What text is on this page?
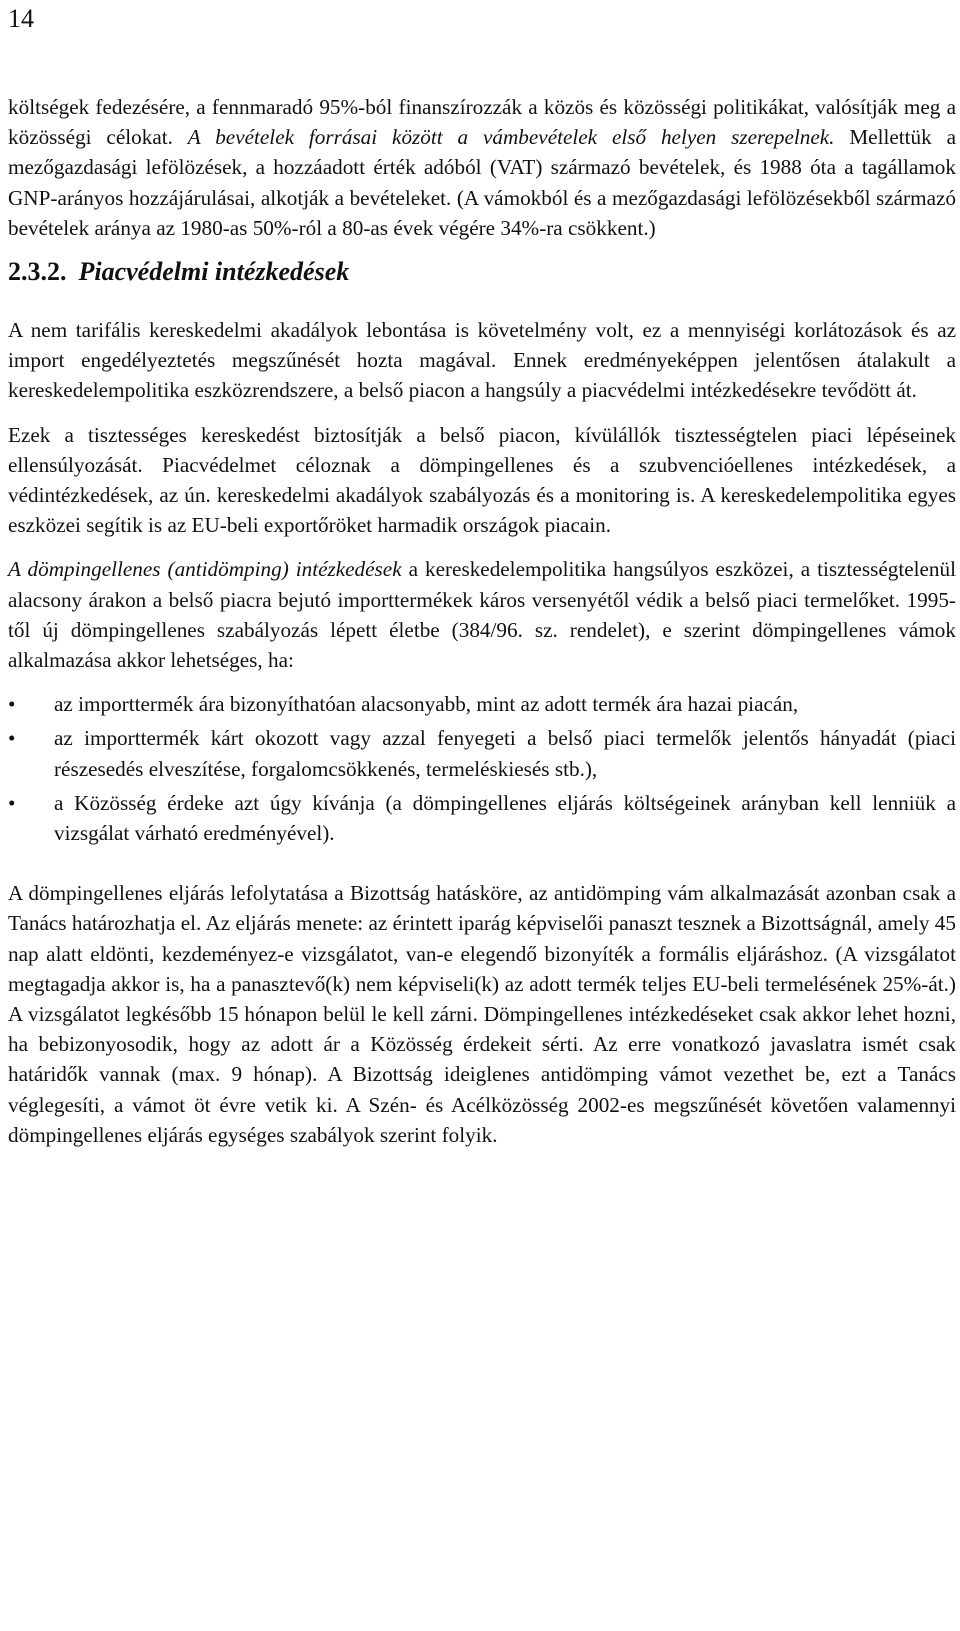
14

költségek fedezésére, a fennmaradó 95%-ból finanszírozzák a közös és közösségi politikákat, valósítják meg a közösségi célokat. A bevételek forrásai között a vámbevételek első helyen szerepelnek. Mellettük a mezőgazdasági lefölözések, a hozzáadott érték adóból (VAT) származó bevételek, és 1988 óta a tagállamok GNP-arányos hozzájárulásai, alkotják a bevételeket. (A vámokból és a mezőgazdasági lefölözésekből származó bevételek aránya az 1980-as 50%-ról a 80-as évek végére 34%-ra csökkent.)

2.3.2. Piacvédelmi intézkedések

A nem tarifális kereskedelmi akadályok lebontása is követelmény volt, ez a mennyiségi korlátozások és az import engedélyeztetés megszűnését hozta magával. Ennek eredményeképpen jelentősen átalakult a kereskedelempolitika eszközrendszere, a belső piacon a hangsúly a piacvédelmi intézkedésekre tevődött át.

Ezek a tisztességes kereskedést biztosítják a belső piacon, kívülállók tisztességtelen piaci lépéseinek ellensúlyozását. Piacvédelmet céloznak a dömpingellenes és a szubvencióellenes intézkedések, a védintézkedések, az ún. kereskedelmi akadályok szabályozás és a monitoring is. A kereskedelempolitika egyes eszközei segítik is az EU-beli exportőröket harmadik országok piacain.

A dömpingellenes (antidömping) intézkedések a kereskedelempolitika hangsúlyos eszközei, a tisztességtelenül alacsony árakon a belső piacra bejutó importtermékek káros versenyétől védik a belső piaci termelőket. 1995-től új dömpingellenes szabályozás lépett életbe (384/96. sz. rendelet), e szerint dömpingellenes vámok alkalmazása akkor lehetséges, ha:

• az importtermék ára bizonyíthatóan alacsonyabb, mint az adott termék ára hazai piacán,
• az importtermék kárt okozott vagy azzal fenyegeti a belső piaci termelők jelentős hányadát (piaci részesedés elveszítése, forgalomcsökkenés, termeléskiesés stb.),
• a Közösség érdeke azt úgy kívánja (a dömpingellenes eljárás költségeinek arányban kell lenniük a vizsgálat várható eredményével).

A dömpingellenes eljárás lefolytatása a Bizottság hatásköre, az antidömping vám alkalmazását azonban csak a Tanács határozhatja el. Az eljárás menete: az érintett iparág képviselői panaszt tesznek a Bizottságnál, amely 45 nap alatt eldönti, kezdeményez-e vizsgálatot, van-e elegendő bizonyíték a formális eljáráshoz. (A vizsgálatot megtagadja akkor is, ha a panasztevő(k) nem képviseli(k) az adott termék teljes EU-beli termelésének 25%-át.) A vizsgálatot legkésőbb 15 hónapon belül le kell zárni. Dömpingellenes intézkedéseket csak akkor lehet hozni, ha bebizonyosodik, hogy az adott ár a Közösség érdekeit sérti. Az erre vonatkozó javaslatra ismét csak határidők vannak (max. 9 hónap). A Bizottság ideiglenes antidömping vámot vezethet be, ezt a Tanács véglegesíti, a vámot öt évre vetik ki. A Szén- és Acélközösség 2002-es megszűnését követően valamennyi dömpingellenes eljárás egységes szabályok szerint folyik.
